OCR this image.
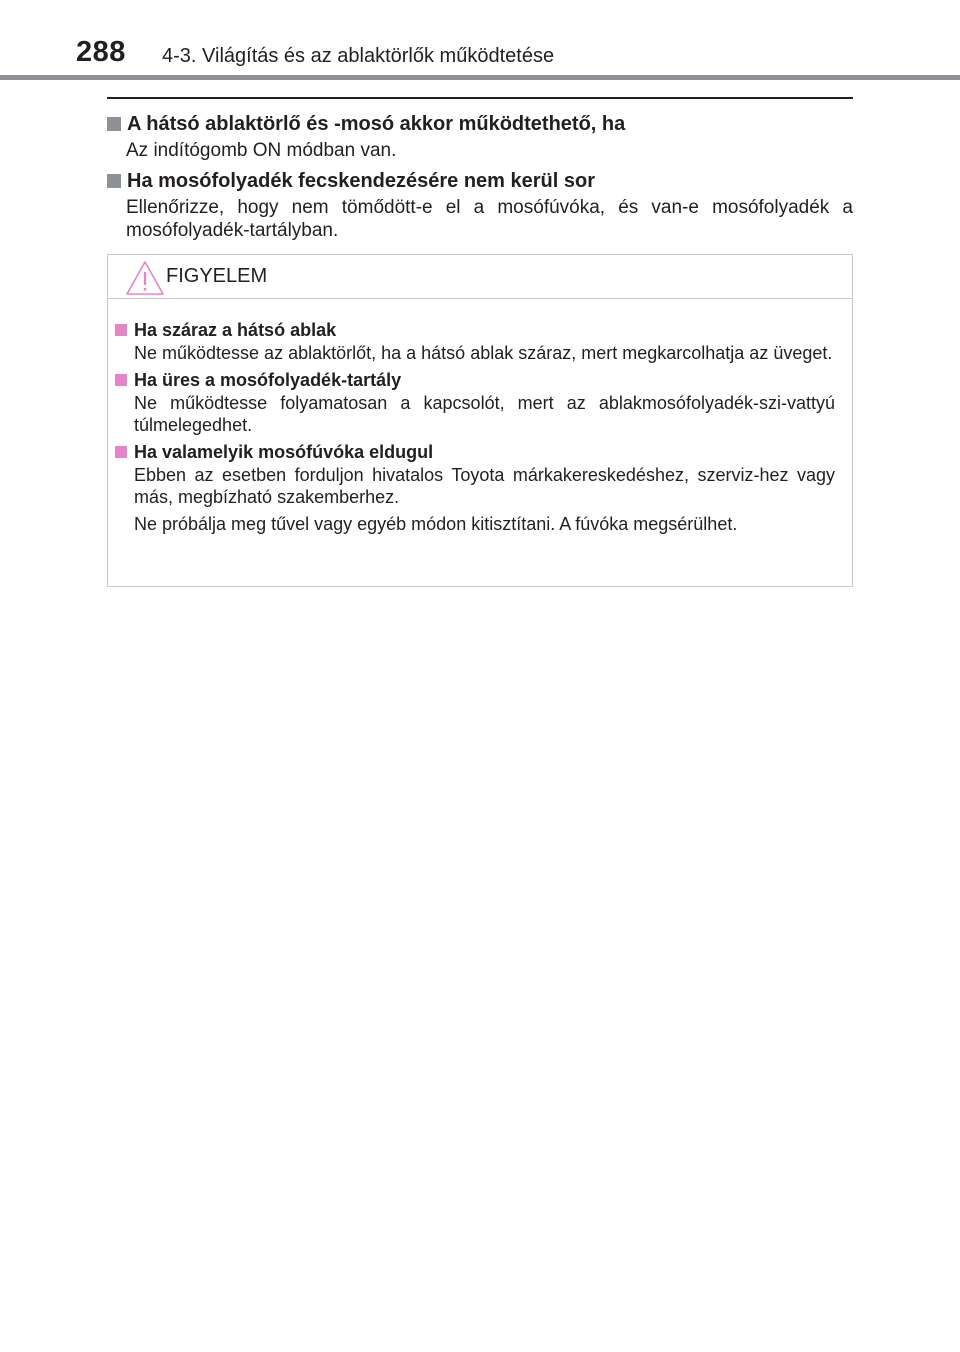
288 4-3. Világítás és az ablaktörlők működtetése
A hátsó ablaktörlő és -mosó akkor működtethető, ha
Az indítógomb ON módban van.
Ha mosófolyadék fecskendezésére nem kerül sor
Ellenőrizze, hogy nem tömődött-e el a mosófúvóka, és van-e mosófolyadék a mosófolyadék-tartályban.
FIGYELEM
Ha száraz a hátsó ablak
Ne működtesse az ablaktörlőt, ha a hátsó ablak száraz, mert megkarcolhatja az üveget.
Ha üres a mosófolyadék-tartály
Ne működtesse folyamatosan a kapcsolót, mert az ablakmosófolyadék-szi-vattyú túlmelegedhet.
Ha valamelyik mosófúvóka eldugul
Ebben az esetben forduljon hivatalos Toyota márkakereskedéshez, szerviz-hez vagy más, megbízható szakemberhez.
Ne próbálja meg tűvel vagy egyéb módon kitisztítani. A fúvóka megsérülhet.
